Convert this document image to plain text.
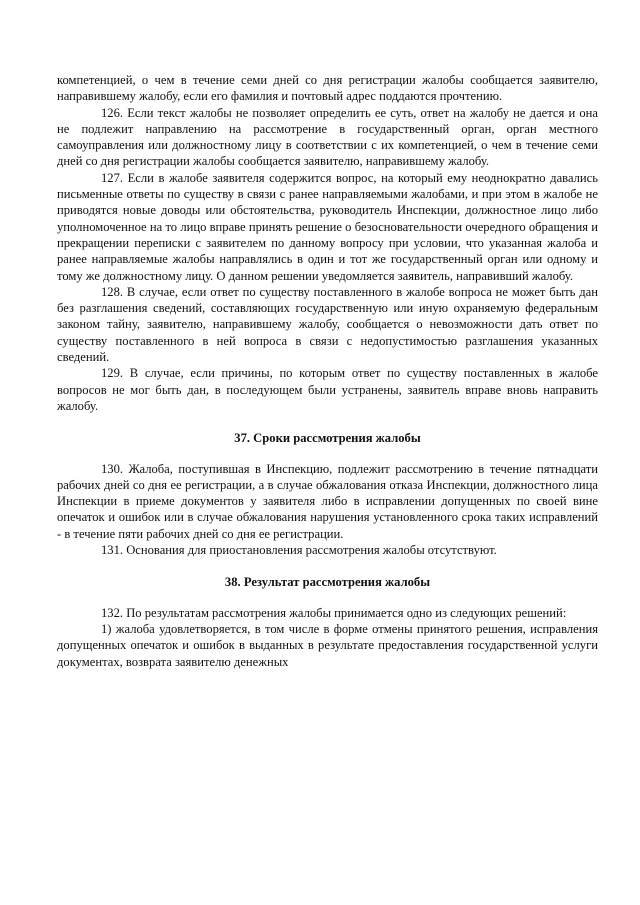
компетенцией, о чем в течение семи дней со дня регистрации жалобы сообщается заявителю, направившему жалобу, если его фамилия и почтовый адрес поддаются прочтению.

126. Если текст жалобы не позволяет определить ее суть, ответ на жалобу не дается и она не подлежит направлению на рассмотрение в государственный орган, орган местного самоуправления или должностному лицу в соответствии с их компетенцией, о чем в течение семи дней со дня регистрации жалобы сообщается заявителю, направившему жалобу.

127. Если в жалобе заявителя содержится вопрос, на который ему неоднократно давались письменные ответы по существу в связи с ранее направляемыми жалобами, и при этом в жалобе не приводятся новые доводы или обстоятельства, руководитель Инспекции, должностное лицо либо уполномоченное на то лицо вправе принять решение о безосновательности очередного обращения и прекращении переписки с заявителем по данному вопросу при условии, что указанная жалоба и ранее направляемые жалобы направлялись в один и тот же государственный орган или одному и тому же должностному лицу. О данном решении уведомляется заявитель, направивший жалобу.

128. В случае, если ответ по существу поставленного в жалобе вопроса не может быть дан без разглашения сведений, составляющих государственную или иную охраняемую федеральным законом тайну, заявителю, направившему жалобу, сообщается о невозможности дать ответ по существу поставленного в ней вопроса в связи с недопустимостью разглашения указанных сведений.

129. В случае, если причины, по которым ответ по существу поставленных в жалобе вопросов не мог быть дан, в последующем были устранены, заявитель вправе вновь направить жалобу.

37. Сроки рассмотрения жалобы

130. Жалоба, поступившая в Инспекцию, подлежит рассмотрению в течение пятнадцати рабочих дней со дня ее регистрации, а в случае обжалования отказа Инспекции, должностного лица Инспекции в приеме документов у заявителя либо в исправлении допущенных по своей вине опечаток и ошибок или в случае обжалования нарушения установленного срока таких исправлений - в течение пяти рабочих дней со дня ее регистрации.

131. Основания для приостановления рассмотрения жалобы отсутствуют.

38. Результат рассмотрения жалобы

132. По результатам рассмотрения жалобы принимается одно из следующих решений:

1) жалоба удовлетворяется, в том числе в форме отмены принятого решения, исправления допущенных опечаток и ошибок в выданных в результате предоставления государственной услуги документах, возврата заявителю денежных
